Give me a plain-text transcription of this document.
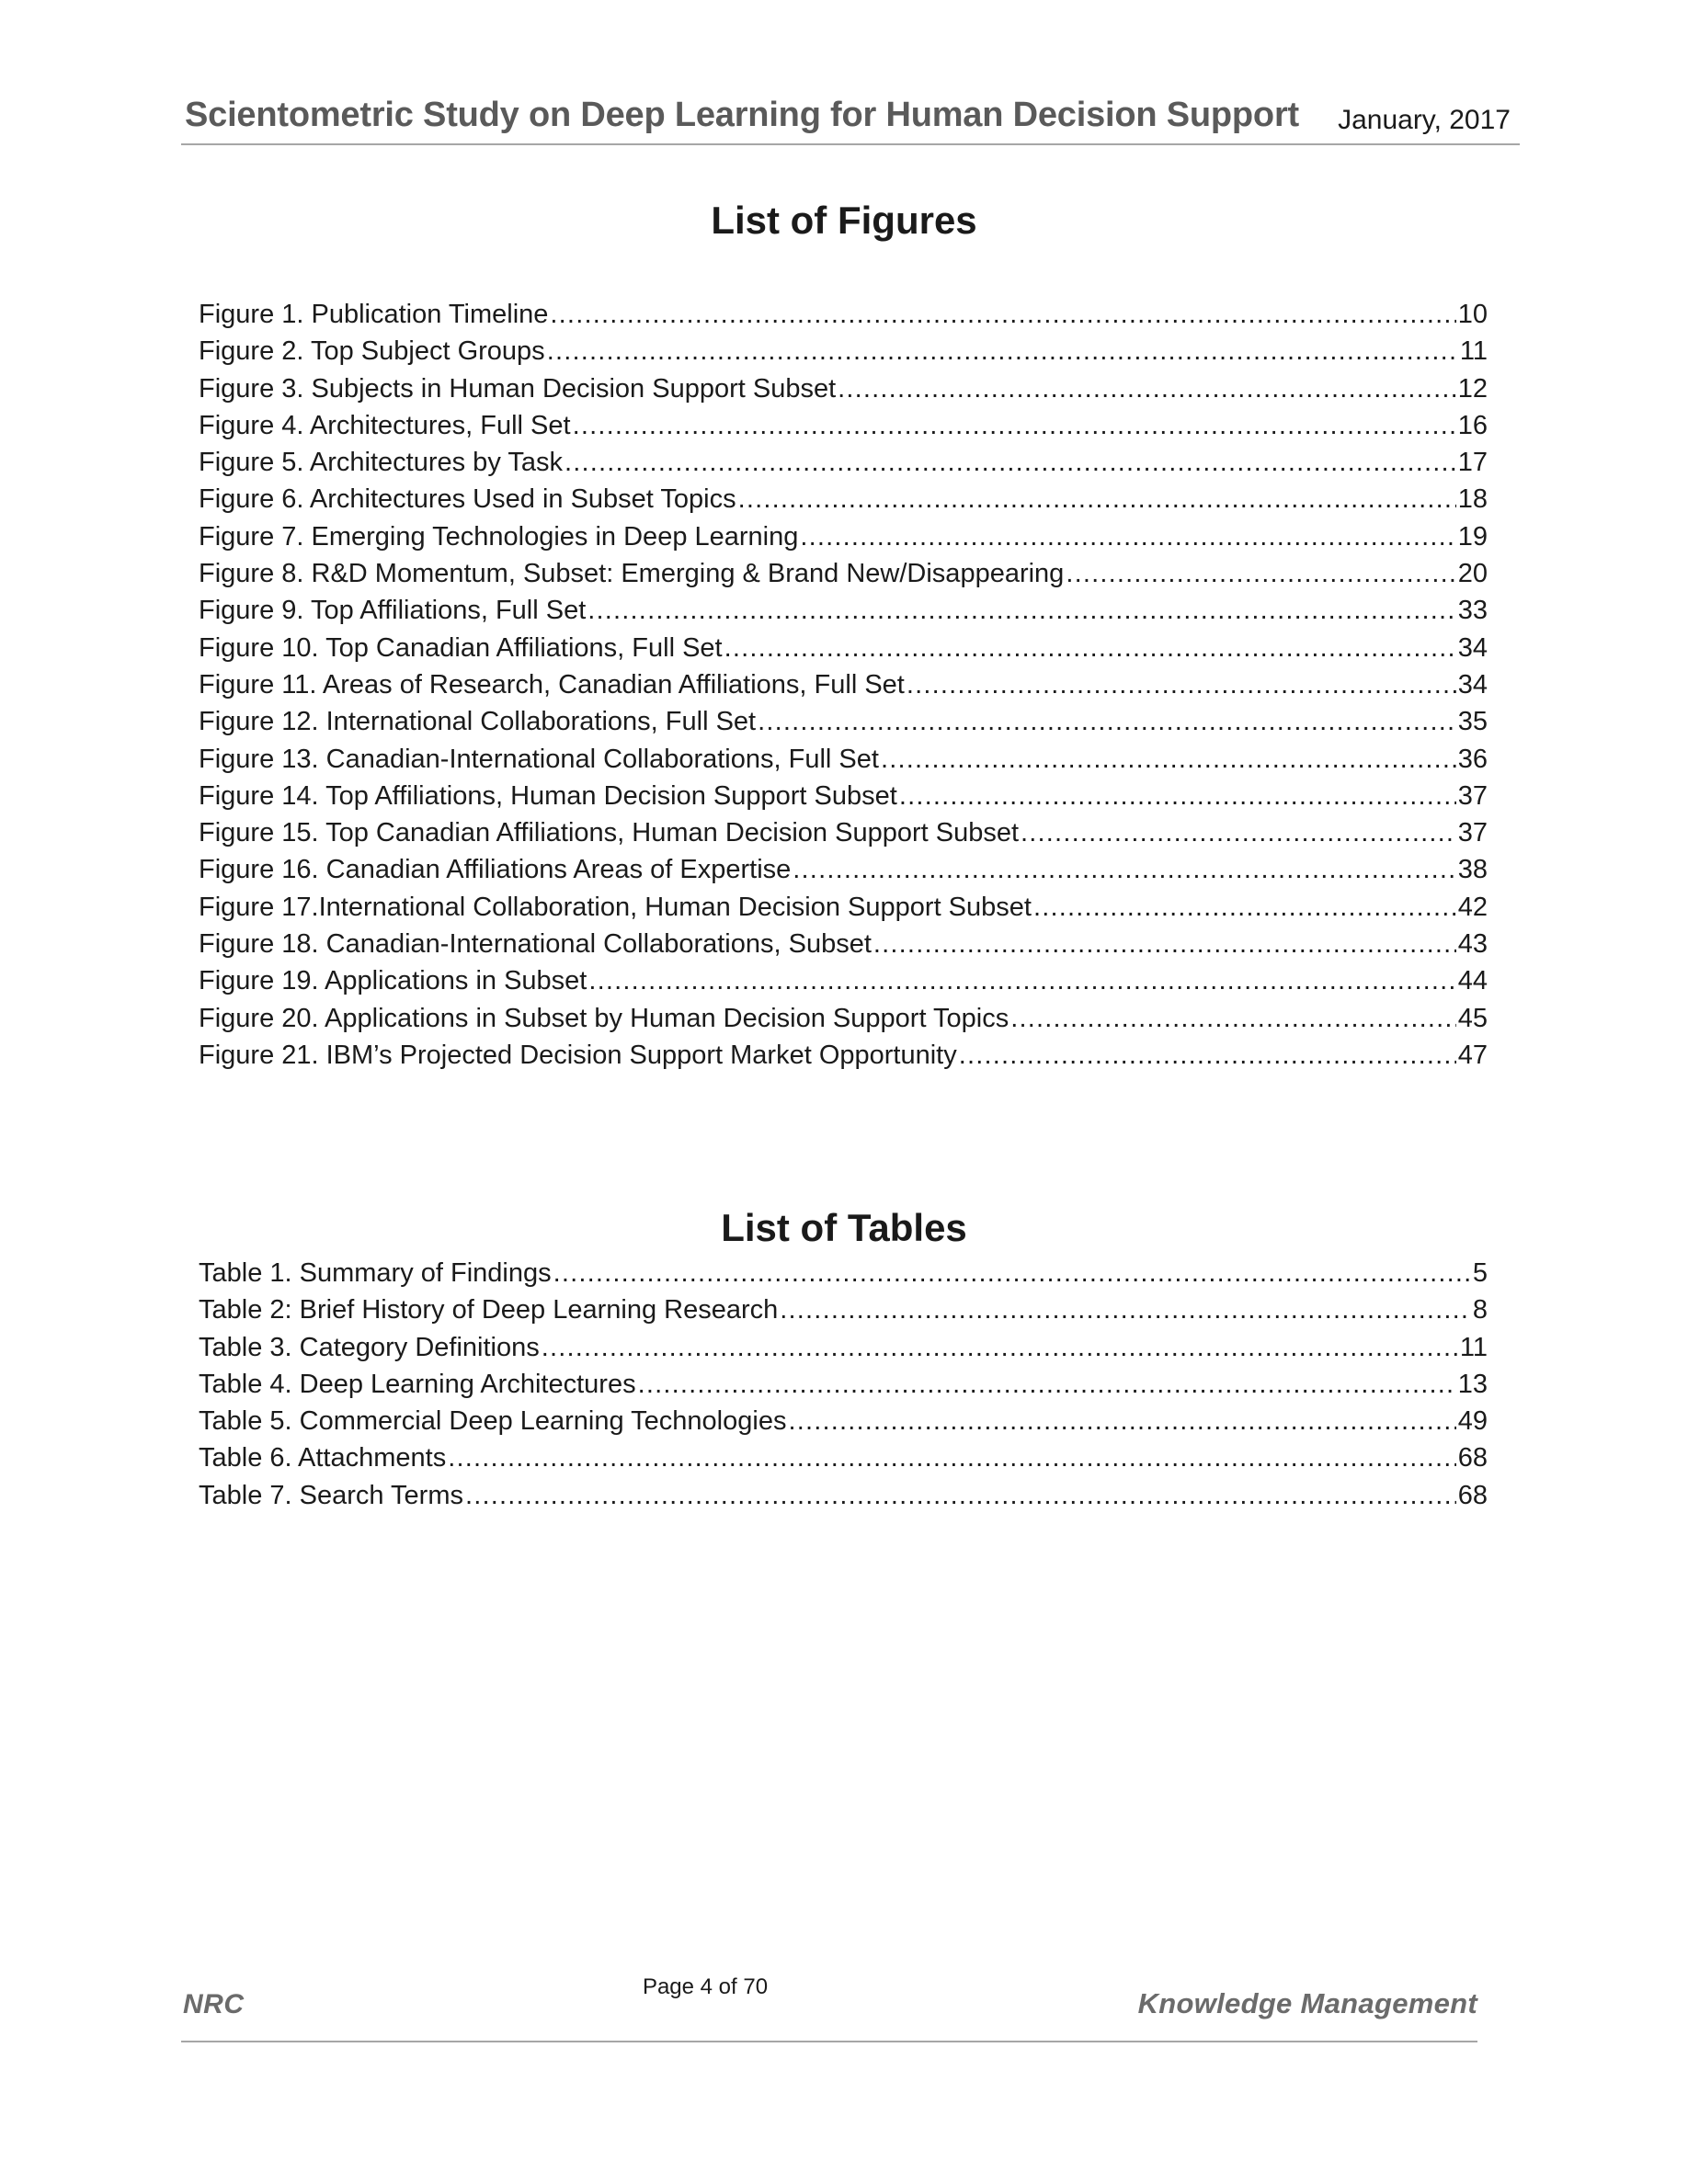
Scientometric Study on Deep Learning for Human Decision Support January, 2017
List of Figures
Figure 1. Publication Timeline .....	10
Figure 2. Top Subject Groups .....	11
Figure 3. Subjects in Human Decision Support Subset .....	12
Figure 4. Architectures, Full Set .....	16
Figure 5. Architectures by Task .....	17
Figure 6. Architectures Used in Subset Topics .....	18
Figure 7. Emerging Technologies in Deep Learning .....	19
Figure 8. R&D Momentum, Subset: Emerging & Brand New/Disappearing .....	20
Figure 9. Top Affiliations, Full Set .....	33
Figure 10. Top Canadian Affiliations, Full Set .....	34
Figure 11. Areas of Research, Canadian Affiliations, Full Set .....	34
Figure 12. International Collaborations, Full Set .....	35
Figure 13. Canadian-International Collaborations, Full Set .....	36
Figure 14. Top Affiliations, Human Decision Support Subset .....	37
Figure 15. Top Canadian Affiliations, Human Decision Support Subset .....	37
Figure 16. Canadian Affiliations Areas of Expertise .....	38
Figure 17.International Collaboration, Human Decision Support Subset .....	42
Figure 18. Canadian-International Collaborations, Subset .....	43
Figure 19. Applications in Subset .....	44
Figure 20. Applications in Subset by Human Decision Support Topics .....	45
Figure 21. IBM’s Projected Decision Support Market Opportunity .....	47
List of Tables
Table 1. Summary of Findings .....	5
Table 2: Brief History of Deep Learning Research .....	8
Table 3. Category Definitions .....	11
Table 4. Deep Learning Architectures .....	13
Table 5. Commercial Deep Learning Technologies .....	49
Table 6. Attachments .....	68
Table 7. Search Terms .....	68
NRC
Page 4 of 70
Knowledge Management
